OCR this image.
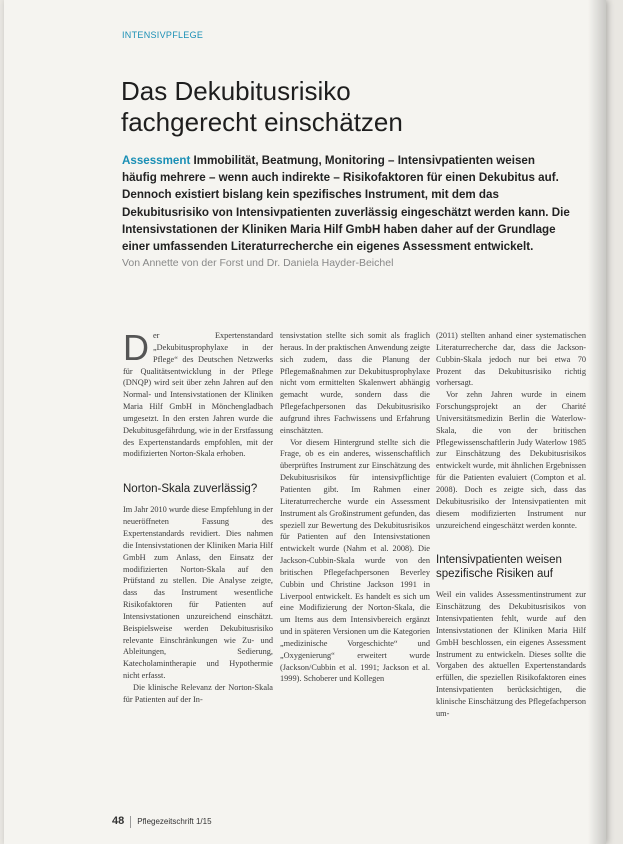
INTENSIVPFLEGE
Das Dekubitusrisiko
fachgerecht einschätzen

Assessment Immobilität, Beatmung, Monitoring – Intensivpatienten weisen häufig mehrere – wenn auch indirekte – Risikofaktoren für einen Dekubitus auf. Dennoch existiert bislang kein spezifisches Instrument, mit dem das Dekubitusrisiko von Intensivpatienten zuverlässig eingeschätzt werden kann. Die Intensivstationen der Kliniken Maria Hilf GmbH haben daher auf der Grundlage einer umfassenden Literaturrecherche ein eigenes Assessment entwickelt.

Von Annette von der Forst und Dr. Daniela Hayder-Beichel

Der Expertenstandard „Dekubitusprophylaxe in der Pflege“ des Deutschen Netzwerks für Qualitätsentwicklung in der Pflege (DNQP) wird seit über zehn Jahren auf den Normal- und Intensivstationen der Kliniken Maria Hilf GmbH in Mönchengladbach umgesetzt. In den ersten Jahren wurde die Dekubitusgefährdung, wie in der Erstfassung des Expertenstandards empfohlen, mit der modifizierten Norton-Skala erhoben.

Norton-Skala zuverlässig?

Im Jahr 2010 wurde diese Empfehlung in der neueröffneten Fassung des Expertenstandards revidiert. Dies nahmen die Intensivstationen der Kliniken Maria Hilf GmbH zum Anlass, den Einsatz der modifizierten Norton-Skala auf den Prüfstand zu stellen. Die Analyse zeigte, dass das Instrument wesentliche Risikofaktoren für Patienten auf Intensivstationen unzureichend einschätzt. Beispielsweise werden Dekubitusrisiko relevante Einschränkungen wie Zu- und Ableitungen, Sedierung, Katecholamintherapie und Hypothermie nicht erfasst.

Die klinische Relevanz der Norton-Skala für Patienten auf der In-

tensivstation stellte sich somit als fraglich heraus. In der praktischen Anwendung zeigte sich zudem, dass die Planung der Pflegemaßnahmen zur Dekubitusprophylaxe nicht vom ermittelten Skalenwert abhängig gemacht wurde, sondern dass die Pflegefachpersonen das Dekubitusrisiko aufgrund ihres Fachwissens und Erfahrung einschätzten.

Vor diesem Hintergrund stellte sich die Frage, ob es ein anderes, wissenschaftlich überprüftes Instrument zur Einschätzung des Dekubitusrisikos für intensivpflichtige Patienten gibt. Im Rahmen einer Literaturrecherche wurde ein Assessment Instrument als Großinstrument gefunden, das speziell zur Bewertung des Dekubitusrisikos für Patienten auf den Intensivstationen entwickelt wurde (Nahm et al. 2008). Die Jackson-Cubbin-Skala wurde von den britischen Pflegefachpersonen Beverley Cubbin und Christine Jackson 1991 in Liverpool entwickelt. Es handelt es sich um eine Modifizierung der Norton-Skala, die um Items aus dem Intensivbereich ergänzt und in späteren Versionen um die Kategorien „medizinische Vorgeschichte“ und „Oxygenierung“ erweitert wurde (Jackson/Cubbin et al. 1991; Jackson et al. 1999). Schoberer und Kollegen

(2011) stellten anhand einer systematischen Literaturrecherche dar, dass die Jackson-Cubbin-Skala jedoch nur bei etwa 70 Prozent das Dekubitusrisiko richtig vorhersagt.

Vor zehn Jahren wurde in einem Forschungsprojekt an der Charité Universitätsmedizin Berlin die Waterlow-Skala, die von der britischen Pflegewissenschaftlerin Judy Waterlow 1985 zur Einschätzung des Dekubitusrisikos entwickelt wurde, mit ähnlichen Ergebnissen für die Patienten evaluiert (Compton et al. 2008). Doch es zeigte sich, dass das Dekubitusrisiko der Intensivpatienten mit diesem modifizierten Instrument nur unzureichend eingeschätzt werden konnte.

Intensivpatienten weisen spezifische Risiken auf

Weil ein valides Assessmentinstrument zur Einschätzung des Dekubitusrisikos von Intensivpatienten fehlt, wurde auf den Intensivstationen der Kliniken Maria Hilf GmbH beschlossen, ein eigenes Assessment Instrument zu entwickeln. Dieses sollte die Vorgaben des aktuellen Expertenstandards erfüllen, die speziellen Risikofaktoren eines Intensivpatienten berücksichtigen, die klinische Einschätzung des Pflegefachperson um-

48 Pflegezeitschrift 1/15
